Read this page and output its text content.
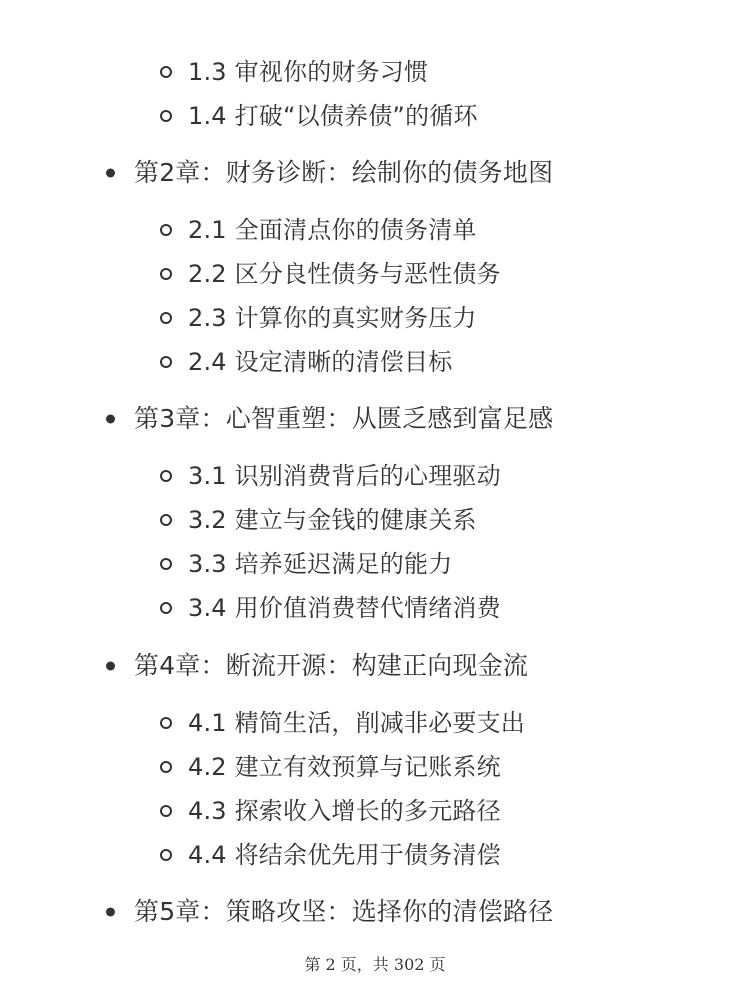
1.3 审视你的财务习惯
1.4 打破“以债养债”的循环
第2章：财务诊断：绘制你的债务地图
2.1 全面清点你的债务清单
2.2 区分良性债务与恶性债务
2.3 计算你的真实财务压力
2.4 设定清晰的清偿目标
第3章：心智重塑：从匮乏感到富足感
3.1 识别消费背后的心理驱动
3.2 建立与金钱的健康关系
3.3 培养延迟满足的能力
3.4 用价值消费替代情绪消费
第4章：断流开源：构建正向现金流
4.1 精简生活，削减非必要支出
4.2 建立有效预算与记账系统
4.3 探索收入增长的多元路径
4.4 将结余优先用于债务清偿
第5章：策略攻坚：选择你的清偿路径
第 2 页，共 302 页
